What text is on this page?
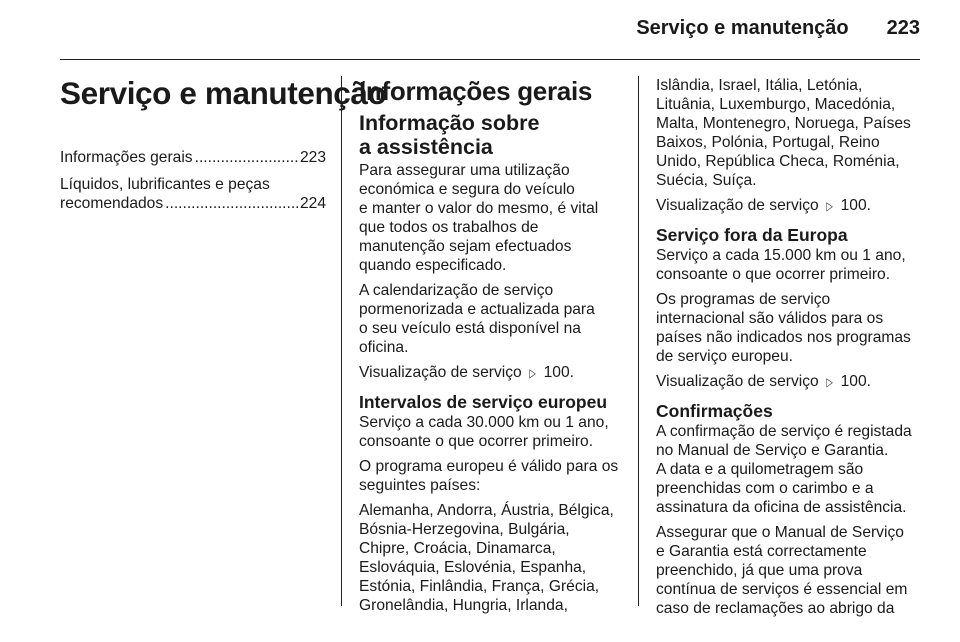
Serviço e manutenção 223
Serviço e manutenção
Informações gerais .....	223
Líquidos, lubrificantes e peças
recomendados .....	224
Informações gerais
Informação sobre
a assistência

Para assegurar uma utilização
económica e segura do veículo
e manter o valor do mesmo, é vital
que todos os trabalhos de
manutenção sejam efectuados
quando especificado.

A calendarização de serviço
pormenorizada e actualizada para
o seu veículo está disponível na
oficina.

Visualização de serviço ▷ 100.

Intervalos de serviço europeu

Serviço a cada 30.000 km ou 1 ano,
consoante o que ocorrer primeiro.

O programa europeu é válido para os
seguintes países:

Alemanha, Andorra, Áustria, Bélgica,
Bósnia-Herzegovina, Bulgária,
Chipre, Croácia, Dinamarca,
Eslováquia, Eslovénia, Espanha,
Estónia, Finlândia, França, Grécia,
Gronelândia, Hungria, Irlanda,

Islândia, Israel, Itália, Letónia,
Lituânia, Luxemburgo, Macedónia,
Malta, Montenegro, Noruega, Países
Baixos, Polónia, Portugal, Reino
Unido, República Checa, Roménia,
Suécia, Suíça.

Visualização de serviço ▷ 100.

Serviço fora da Europa

Serviço a cada 15.000 km ou 1 ano,
consoante o que ocorrer primeiro.

Os programas de serviço
internacional são válidos para os
países não indicados nos programas
de serviço europeu.

Visualização de serviço ▷ 100.

Confirmações

A confirmação de serviço é registada
no Manual de Serviço e Garantia.
A data e a quilometragem são
preenchidas com o carimbo e a
assinatura da oficina de assistência.

Assegurar que o Manual de Serviço
e Garantia está correctamente
preenchido, já que uma prova
contínua de serviços é essencial em
caso de reclamações ao abrigo da
